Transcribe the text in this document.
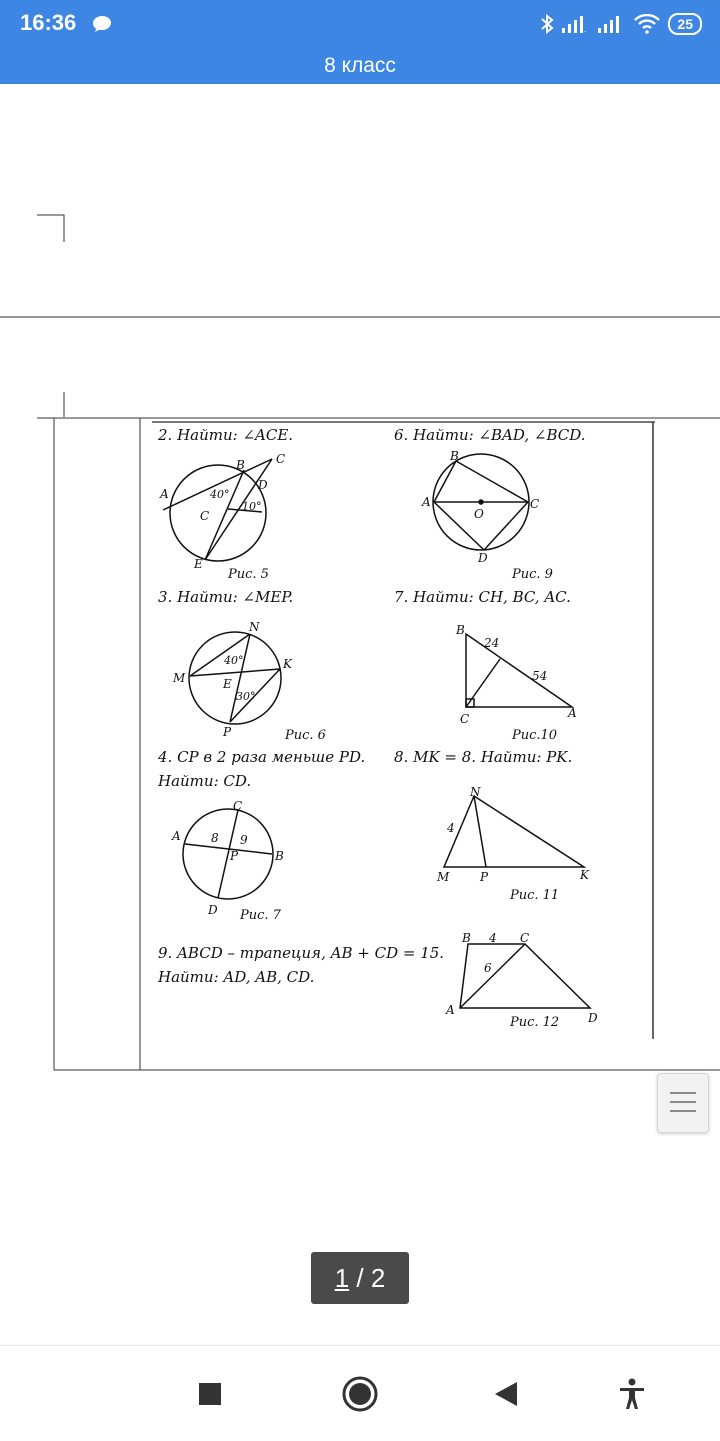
16:36	.	25
8 класс
2. Найти: ∠ACE.	6. Найти: ∠BAD, ∠BCD.
3. Найти: ∠MEP.	7. Найти: CH, BC, AC.
4. CP в 2 раза меньше PD.
Найти: CD.
8. MK = 8. Найти: PK.
9. ABCD – трапеция, AB + CD = 15.
Найти: AD, AB, CD.
Рис. 5	Рис. 9
Рис. 6	Рис.10
Рис. 7
Рис. 11
Рис. 12
A
B	C
D
E
C
40°
10°	A
B
C
D
O
N
M
K
E
P
40°
30°
B
C	A
24
54
C
A
B
P
D
8 9
N
M	P	K
4
B	C
A
D
4
6
1 / 2
